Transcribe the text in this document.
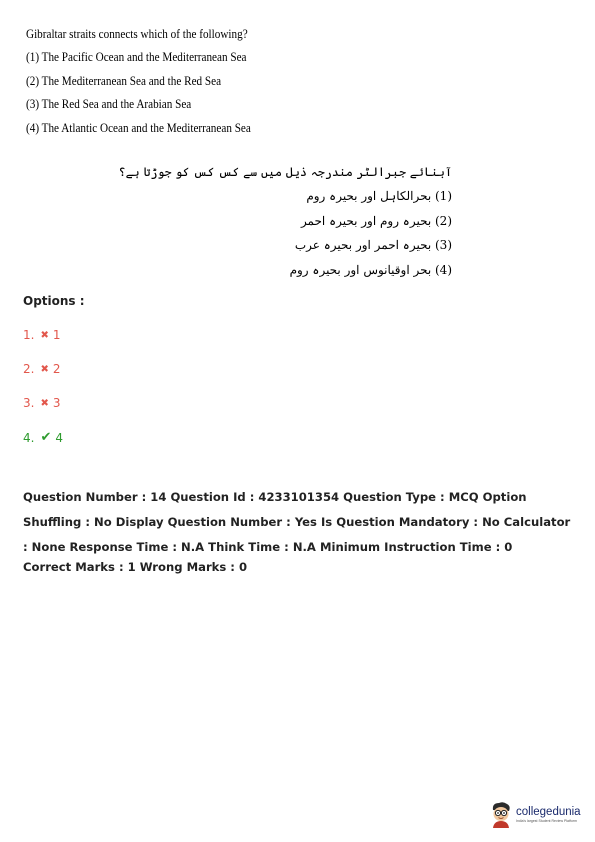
Gibraltar straits connects which of the following?
(1) The Pacific Ocean and the Mediterranean Sea
(2) The Mediterranean Sea and the Red Sea
(3) The Red Sea and the Arabian Sea
(4) The Atlantic Ocean and the Mediterranean Sea
آبنائے جبرالٹر مندرجہ ذیل میں سے کس کس کو جوڑتا ہے؟
(1) بحرالکاہل اور بحیرہ روم
(2) بحیرہ روم اور بحیرہ احمر
(3) بحیرہ احمر اور بحیرہ عرب
(4) بحر اوقیانوس اور بحیرہ روم
Options :
1. ✖ 1
2. ✖ 2
3. ✖ 3
4. ✔ 4
Question Number : 14 Question Id : 4233101354 Question Type : MCQ Option Shuffling : No Display Question Number : Yes Is Question Mandatory : No Calculator : None Response Time : N.A Think Time : N.A Minimum Instruction Time : 0
Correct Marks : 1 Wrong Marks : 0
collegedunia
India's largest Student Review Platform
